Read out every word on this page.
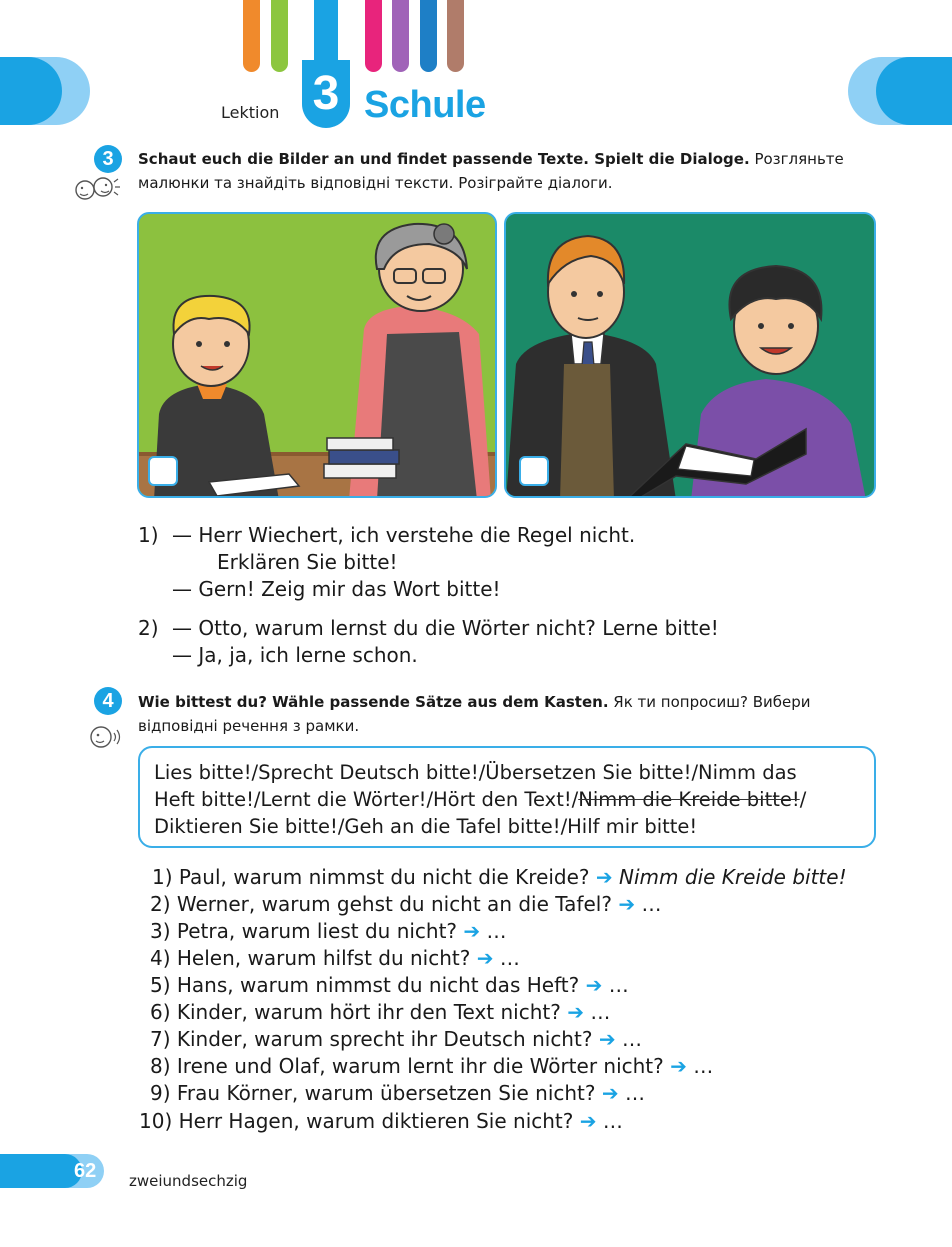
Lektion 3 Schule
3	Schaut euch die Bilder an und findet passende Texte. Spielt die Dialoge. Розгляньте малюнки та знайдіть відповідні тексти. Розіграйте діалоги.
1) — Herr Wiechert, ich verstehe die Regel nicht.
Erklären Sie bitte!
— Gern! Zeig mir das Wort bitte!
2) — Otto, warum lernst du die Wörter nicht? Lerne bitte!
— Ja, ja, ich lerne schon.
4	Wie bittest du? Wähle passende Sätze aus dem Kasten. Як ти попросиш? Вибери відповідні речення з рамки.
Lies bitte!/Sprecht Deutsch bitte!/Übersetzen Sie bitte!/Nimm das
Heft bitte!/Lernt die Wörter!/Hört den Text!/Nimm die Kreide bitte!/
Diktieren Sie bitte!/Geh an die Tafel bitte!/Hilf mir bitte!
1) Paul, warum nimmst du nicht die Kreide? ➔ Nimm die Kreide bitte!
2) Werner, warum gehst du nicht an die Tafel? ➔ …
3) Petra, warum liest du nicht? ➔ …
4) Helen, warum hilfst du nicht? ➔ …
5) Hans, warum nimmst du nicht das Heft? ➔ …
6) Kinder, warum hört ihr den Text nicht? ➔ …
7) Kinder, warum sprecht ihr Deutsch nicht? ➔ …
8) Irene und Olaf, warum lernt ihr die Wörter nicht? ➔ …
9) Frau Körner, warum übersetzen Sie nicht? ➔ …
10) Herr Hagen, warum diktieren Sie nicht? ➔ …
62 zweiundsechzig
